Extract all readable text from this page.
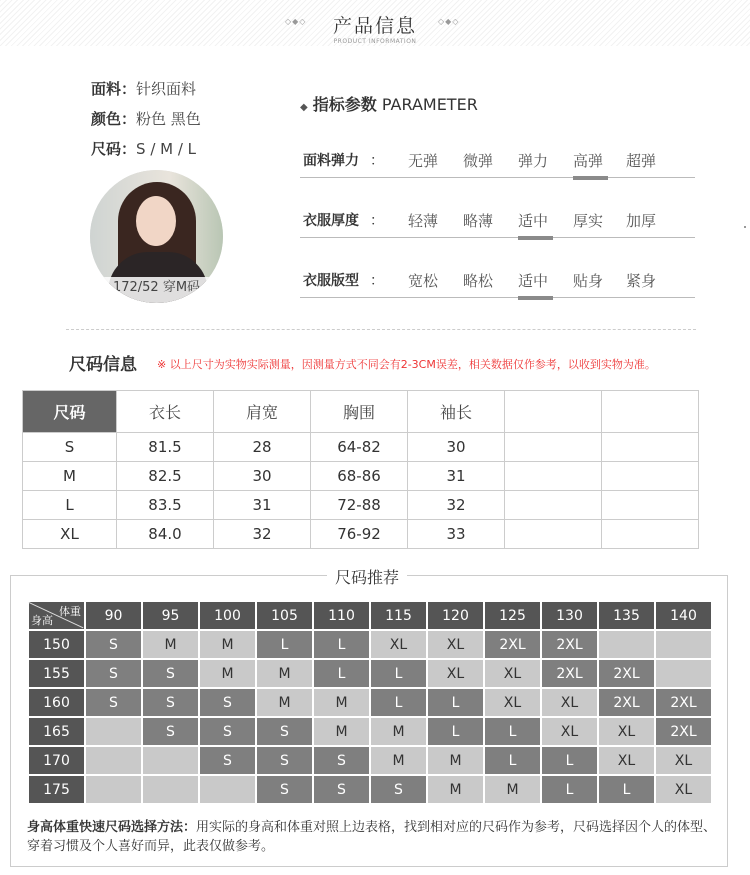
◇◆◇	◇◆◇
产品信息
PRODUCT INFORMATION
面料：针织面料
颜色：粉色 黑色
尺码：S / M / L
172/52 穿M码
◆ 指标参数 PARAMETER
面料弹力 ： 无弹 微弹 弹力 高弹 超弹
衣服厚度 ： 轻薄 略薄 适中 厚实 加厚
衣服版型 ： 宽松 略松 适中 贴身 紧身
尺码信息 ※ 以上尺寸为实物实际测量，因测量方式不同会有2-3CM误差，相关数据仅作参考，以收到实物为准。
尺码	衣长	肩宽	胸围	袖长		
S	81.5	28	64-82	30		
M	82.5	30	68-86	31		
L	83.5	31	72-88	32		
XL	84.0	32	76-92	33		
尺码推荐
体重
身高	90	95	100	105	110	115	120	125	130	135	140
150	S	M	M	L	L	XL	XL	2XL	2XL		
155	S	S	M	M	L	L	XL	XL	2XL	2XL	
160	S	S	S	M	M	L	L	XL	XL	2XL	2XL
165		S	S	S	M	M	L	L	XL	XL	2XL
170			S	S	S	M	M	L	L	XL	XL
175				S	S	S	M	M	L	L	XL
身高体重快速尺码选择方法：用实际的身高和体重对照上边表格，找到相对应的尺码作为参考，尺码选择因个人的体型、穿着习惯及个人喜好而异，此表仅做参考。
